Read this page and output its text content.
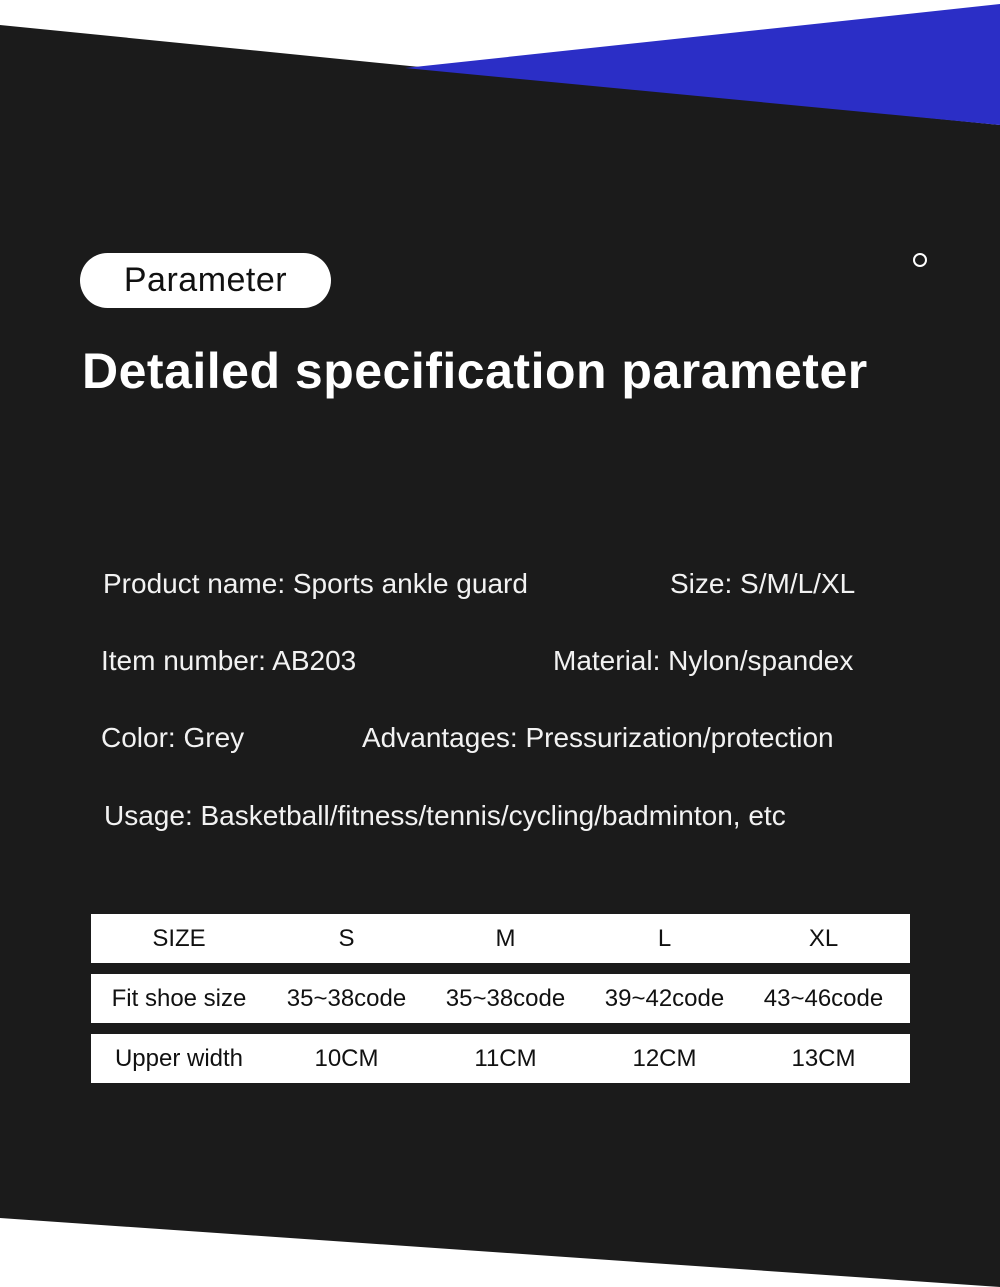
Parameter
Detailed specification parameter
Product name: Sports ankle guard	Size: S/M/L/XL
Item number: AB203	Material: Nylon/spandex
Color: Grey	Advantages: Pressurization/protection
Usage: Basketball/fitness/tennis/cycling/badminton, etc
SIZE	S	M	L	XL
Fit shoe size	35~38code	35~38code	39~42code	43~46code
Upper width	10CM	11CM	12CM	13CM
